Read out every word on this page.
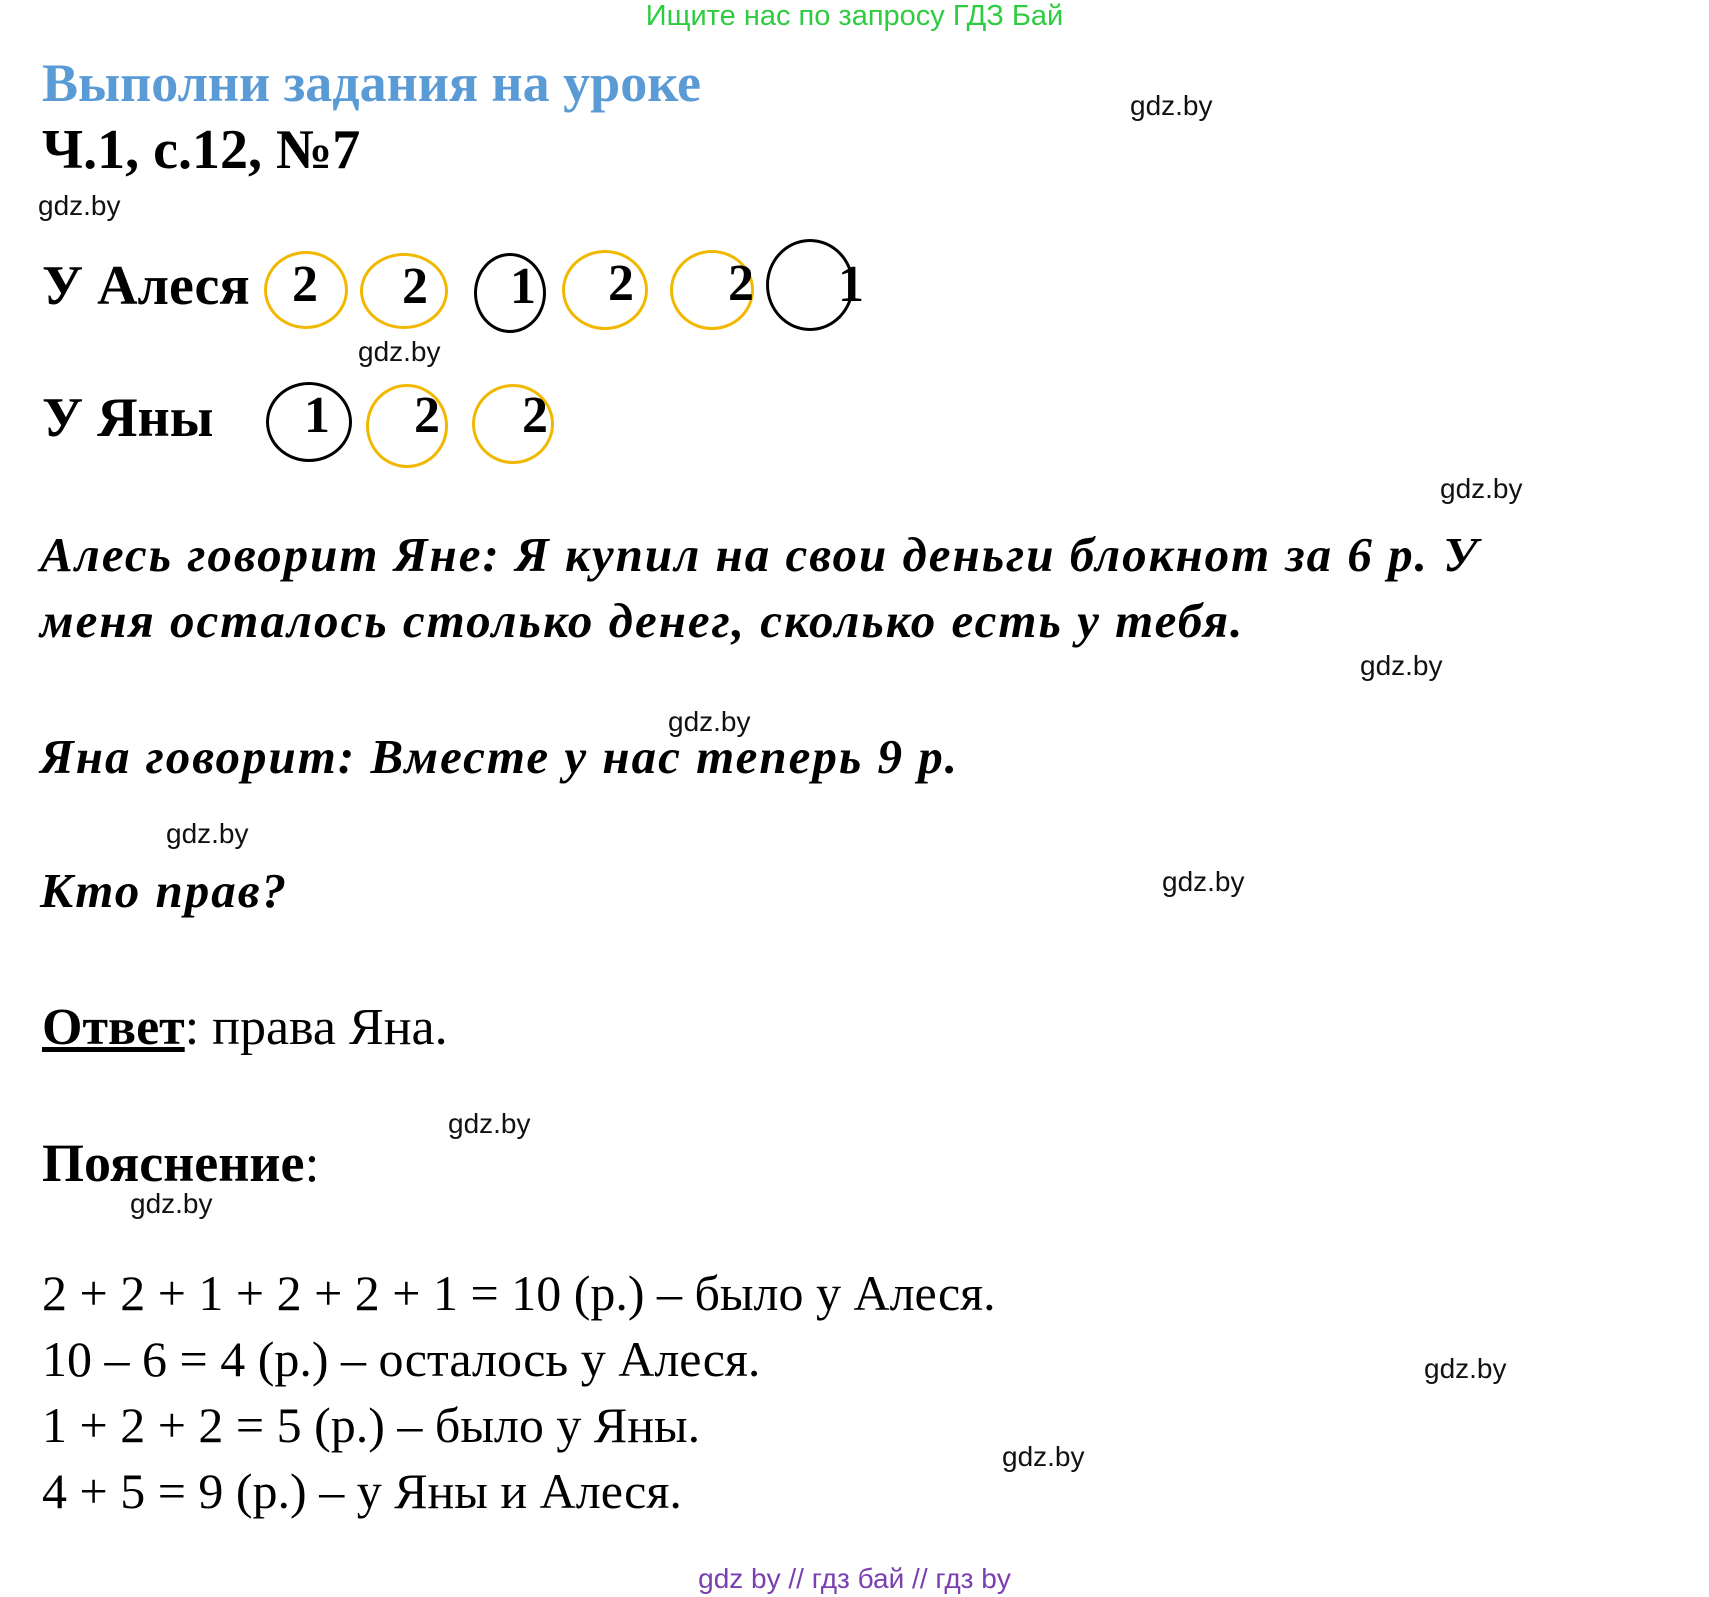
Ищите нас по запросу ГДЗ Бай
Выполни задания на уроке
Ч.1, с.12, №7
gdz.by
gdz.by
gdz.by
gdz.by
gdz.by
gdz.by
gdz.by
gdz.by
gdz.by
gdz.by
gdz.by
gdz.by
У Алеся 2 2 1 2 2 1
У Яны 1 2 2
Алесь говорит Яне: Я купил на свои деньги блокнот за 6 р. У
меня осталось столько денег, сколько есть у тебя.
Яна говорит: Вместе у нас теперь 9 р.
Кто прав?
Ответ: права Яна.
Пояснение:
2 + 2 + 1 + 2 + 2 + 1 = 10 (р.) – было у Алеся.
10 – 6 = 4 (р.) – осталось у Алеся.
1 + 2 + 2 = 5 (р.) – было у Яны.
4 + 5 = 9 (р.) – у Яны и Алеся.
gdz by // гдз бай // гдз by
